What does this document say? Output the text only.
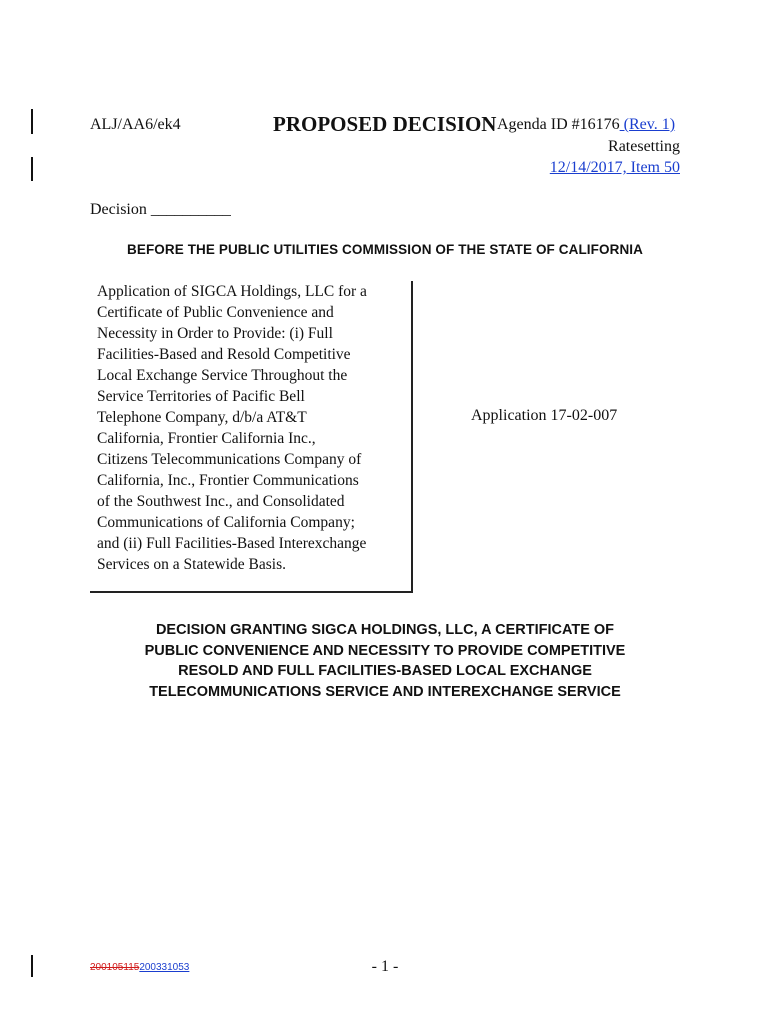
ALJ/AA6/ek4	PROPOSED DECISION Agenda ID #16176 (Rev. 1)
Ratesetting
12/14/2017, Item 50
Decision __________
BEFORE THE PUBLIC UTILITIES COMMISSION OF THE STATE OF CALIFORNIA
Application of SIGCA Holdings, LLC for a
Certificate of Public Convenience and
Necessity in Order to Provide: (i) Full
Facilities-Based and Resold Competitive
Local Exchange Service Throughout the
Service Territories of Pacific Bell
Telephone Company, d/b/a AT&T
California, Frontier California Inc.,
Citizens Telecommunications Company of
California, Inc., Frontier Communications
of the Southwest Inc., and Consolidated
Communications of California Company;
and (ii) Full Facilities-Based Interexchange
Services on a Statewide Basis.
Application 17-02-007
DECISION GRANTING SIGCA HOLDINGS, LLC, A CERTIFICATE OF
PUBLIC CONVENIENCE AND NECESSITY TO PROVIDE COMPETITIVE
RESOLD AND FULL FACILITIES-BASED LOCAL EXCHANGE
TELECOMMUNICATIONS SERVICE AND INTEREXCHANGE SERVICE
200105115200331053	- 1 -
